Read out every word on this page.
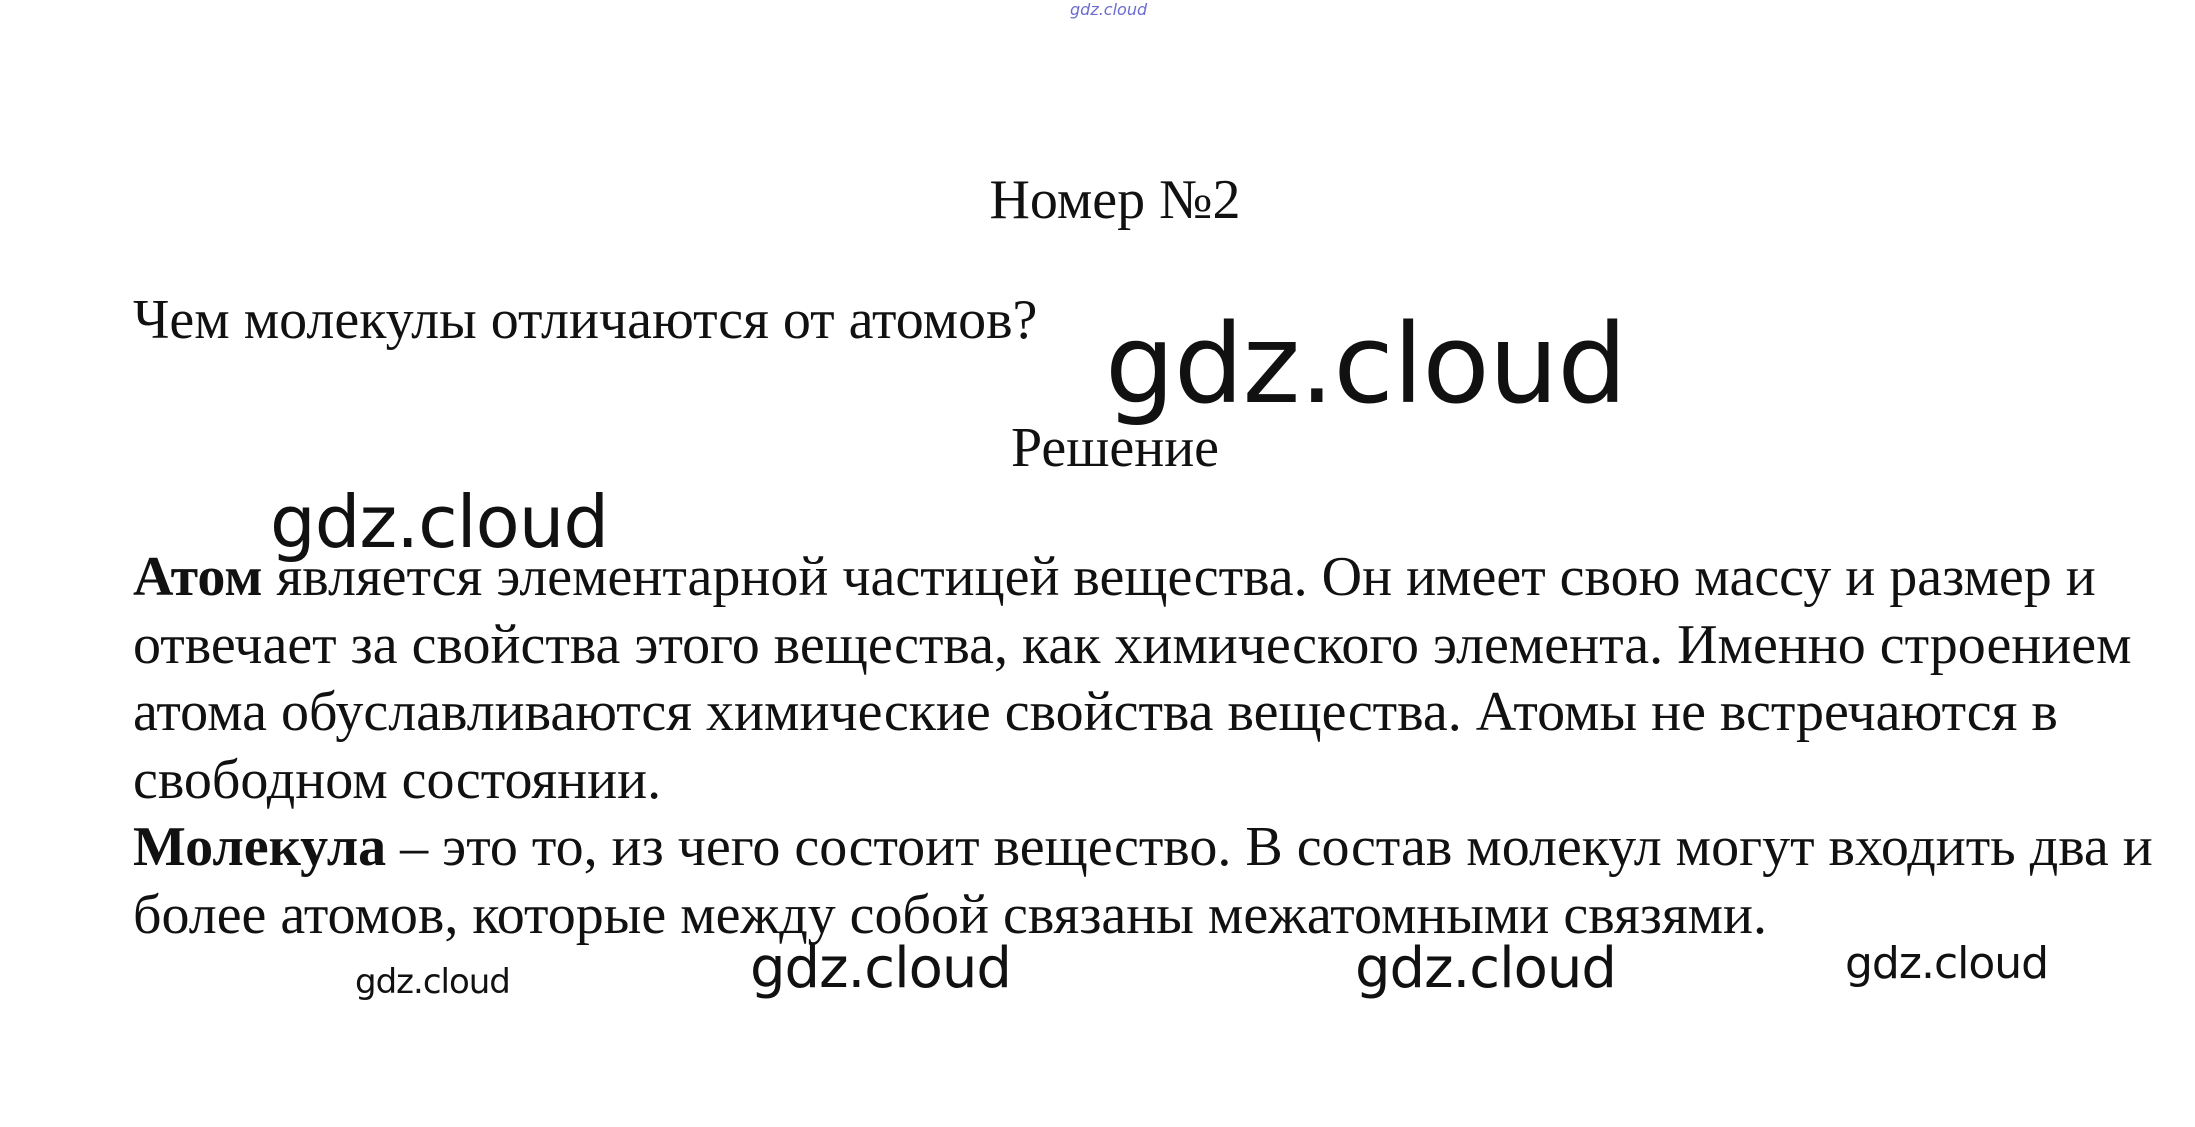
gdz.cloud
Номер №2
Чем молекулы отличаются от атомов? gdz.cloud
Решение
gdz.cloud

Атом является элементарной частицей вещества. Он имеет свою массу и размер и отвечает за свойства этого вещества, как химического элемента. Именно строением атома обуславливаются химические свойства вещества. Атомы не встречаются в свободном состоянии.

Молекула – это то, из чего состоит вещество. В состав молекул могут входить два и более атомов, которые между собой связаны межатомными связями.

gdz.cloud	gdz.cloud	gdz.cloud	gdz.cloud
